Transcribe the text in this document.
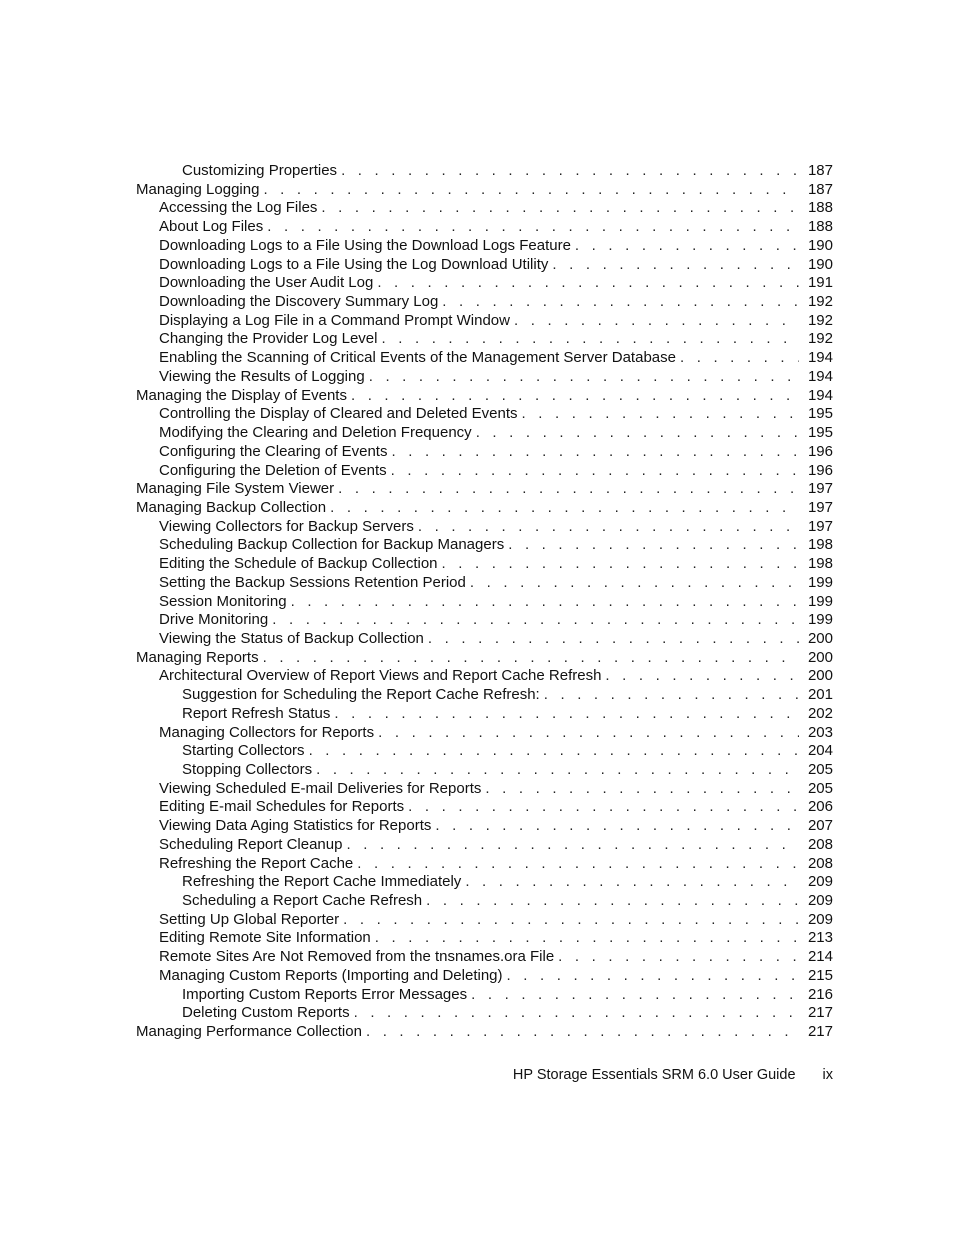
Customizing Properties . . .	187
Managing Logging . . .	187
Accessing the Log Files . . .	188
About Log Files . . .	188
Downloading Logs to a File Using the Download Logs Feature . . .	190
Downloading Logs to a File Using the Log Download Utility . . .	190
Downloading the User Audit Log . . .	191
Downloading the Discovery Summary Log . . .	192
Displaying a Log File in a Command Prompt Window . . .	192
Changing the Provider Log Level . . .	192
Enabling the Scanning of Critical Events of the Management Server Database . . .	194
Viewing the Results of Logging . . .	194
Managing the Display of Events . . .	194
Controlling the Display of Cleared and Deleted Events . . .	195
Modifying the Clearing and Deletion Frequency . . .	195
Configuring the Clearing of Events . . .	196
Configuring the Deletion of Events . . .	196
Managing File System Viewer . . .	197
Managing Backup Collection . . .	197
Viewing Collectors for Backup Servers . . .	197
Scheduling Backup Collection for Backup Managers . . .	198
Editing the Schedule of Backup Collection . . .	198
Setting the Backup Sessions Retention Period . . .	199
Session Monitoring . . .	199
Drive Monitoring . . .	199
Viewing the Status of Backup Collection . . .	200
Managing Reports . . .	200
Architectural Overview of Report Views and Report Cache Refresh . . .	200
Suggestion for Scheduling the Report Cache Refresh: . . .	201
Report Refresh Status . . .	202
Managing Collectors for Reports . . .	203
Starting Collectors . . .	204
Stopping Collectors . . .	205
Viewing Scheduled E-mail Deliveries for Reports . . .	205
Editing E-mail Schedules for Reports . . .	206
Viewing Data Aging Statistics for Reports . . .	207
Scheduling Report Cleanup . . .	208
Refreshing the Report Cache . . .	208
Refreshing the Report Cache Immediately . . .	209
Scheduling a Report Cache Refresh . . .	209
Setting Up Global Reporter . . .	209
Editing Remote Site Information . . .	213
Remote Sites Are Not Removed from the tnsnames.ora File . . .	214
Managing Custom Reports (Importing and Deleting) . . .	215
Importing Custom Reports Error Messages . . .	216
Deleting Custom Reports . . .	217
Managing Performance Collection . . .	217
HP Storage Essentials SRM 6.0 User Guide ix
